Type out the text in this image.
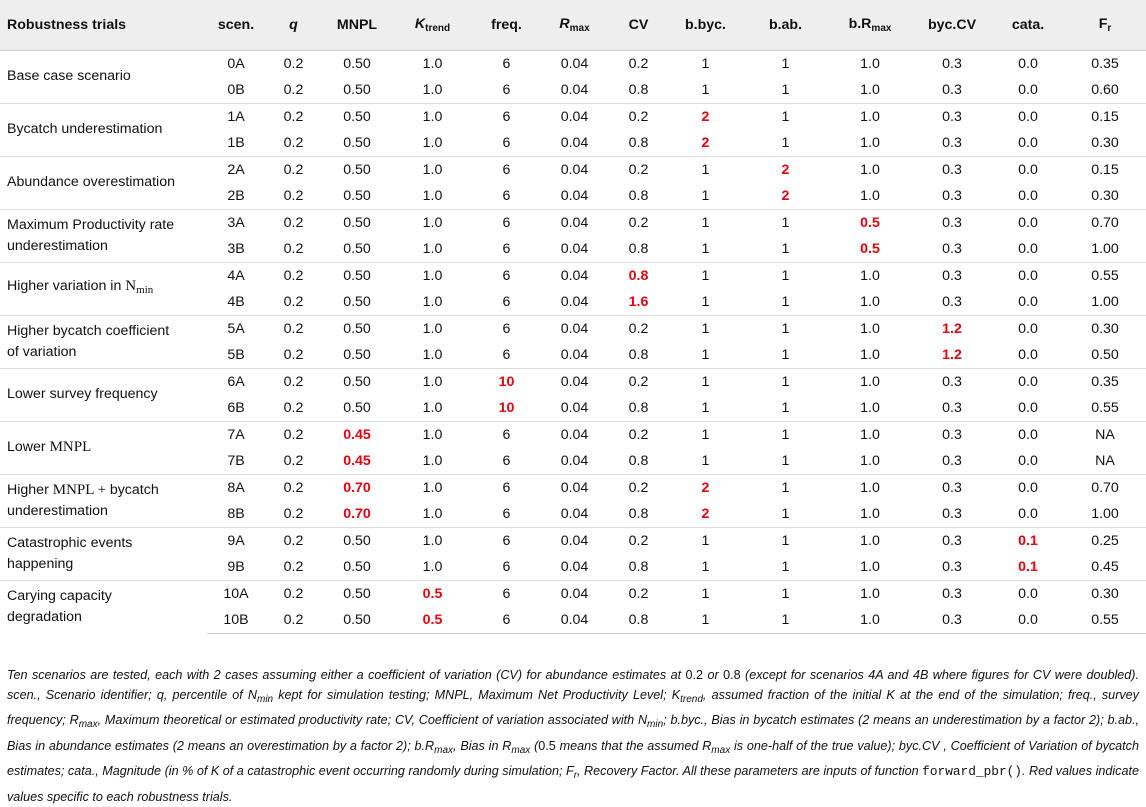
Robustness trials	scen.	q	MNPL	$K_{trend}$	freq.	$R_{max}$	CV	b.byc.	b.ab.	$b.R_{max}$	byc.CV	cata.	$F_r$
Base case scenario	0A	0.2	0.50	1.0	6	0.04	0.2	1	1	1.0	0.3	0.0	0.35
	0B	0.2	0.50	1.0	6	0.04	0.8	1	1	1.0	0.3	0.0	0.60
Bycatch underestimation	1A	0.2	0.50	1.0	6	0.04	0.2	2	1	1.0	0.3	0.0	0.15
	1B	0.2	0.50	1.0	6	0.04	0.8	2	1	1.0	0.3	0.0	0.30
Abundance overestimation	2A	0.2	0.50	1.0	6	0.04	0.2	1	2	1.0	0.3	0.0	0.15
	2B	0.2	0.50	1.0	6	0.04	0.8	1	2	1.0	0.3	0.0	0.30
Maximum Productivity rate
underestimation	3A	0.2	0.50	1.0	6	0.04	0.2	1	1	0.5	0.3	0.0	0.70
	3B	0.2	0.50	1.0	6	0.04	0.8	1	1	0.5	0.3	0.0	1.00
Higher variation in $N_{min}$	4A	0.2	0.50	1.0	6	0.04	0.8	1	1	1.0	0.3	0.0	0.55
	4B	0.2	0.50	1.0	6	0.04	1.6	1	1	1.0	0.3	0.0	1.00
Higher bycatch coefficient
of variation	5A	0.2	0.50	1.0	6	0.04	0.2	1	1	1.0	1.2	0.0	0.30
	5B	0.2	0.50	1.0	6	0.04	0.8	1	1	1.0	1.2	0.0	0.50
Lower survey frequency	6A	0.2	0.50	1.0	10	0.04	0.2	1	1	1.0	0.3	0.0	0.35
	6B	0.2	0.50	1.0	10	0.04	0.8	1	1	1.0	0.3	0.0	0.55
Lower MNPL	7A	0.2	0.45	1.0	6	0.04	0.2	1	1	1.0	0.3	0.0	NA
	7B	0.2	0.45	1.0	6	0.04	0.8	1	1	1.0	0.3	0.0	NA
Higher MNPL + bycatch
underestimation	8A	0.2	0.70	1.0	6	0.04	0.2	2	1	1.0	0.3	0.0	0.70
	8B	0.2	0.70	1.0	6	0.04	0.8	2	1	1.0	0.3	0.0	1.00
Catastrophic events
happening	9A	0.2	0.50	1.0	6	0.04	0.2	1	1	1.0	0.3	0.1	0.25
	9B	0.2	0.50	1.0	6	0.04	0.8	1	1	1.0	0.3	0.1	0.45
Carying capacity
degradation	10A	0.2	0.50	0.5	6	0.04	0.2	1	1	1.0	0.3	0.0	0.30
	10B	0.2	0.50	0.5	6	0.04	0.8	1	1	1.0	0.3	0.0	0.55

Ten scenarios are tested, each with 2 cases assuming either a coefficient of variation (CV) for abundance estimates at 0.2 or 0.8 (except for scenarios 4A and 4B where figures for CV were doubled). scen., Scenario identifier; q, percentile of $N_{min}$ kept for simulation testing; MNPL, Maximum Net Productivity Level; $K_{trend}$, assumed fraction of the initial K at the end of the simulation; freq., survey frequency; $R_{max}$, Maximum theoretical or estimated productivity rate; CV, Coefficient of variation associated with $N_{min}$; b.byc., Bias in bycatch estimates (2 means an underestimation by a factor 2); b.ab., Bias in abundance estimates (2 means an overestimation by a factor 2); $b.R_{max}$, Bias in $R_{max}$ (0.5 means that the assumed $R_{max}$ is one-half of the true value); byc.CV , Coefficient of Variation of bycatch estimates; cata., Magnitude (in % of K of a catastrophic event occurring randomly during simulation; $F_r$, Recovery Factor. All these parameters are inputs of function forward_pbr(). Red values indicate values specific to each robustness trials.
